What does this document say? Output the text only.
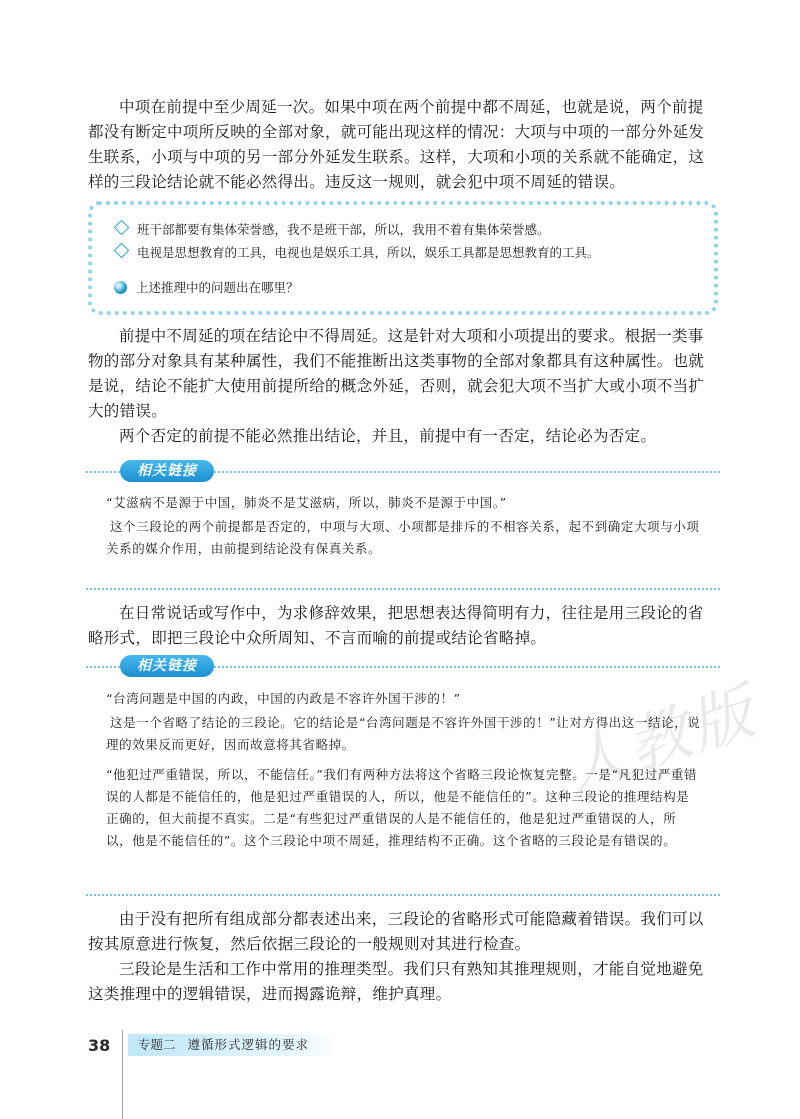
人教版

中项在前提中至少周延一次。如果中项在两个前提中都不周延，也就是说，两个前提都没有断定中项所反映的全部对象，就可能出现这样的情况：大项与中项的一部分外延发生联系，小项与中项的另一部分外延发生联系。这样，大项和小项的关系就不能确定，这样的三段论结论就不能必然得出。违反这一规则，就会犯中项不周延的错误。

班干部都要有集体荣誉感，我不是班干部，所以，我用不着有集体荣誉感。
电视是思想教育的工具，电视也是娱乐工具，所以，娱乐工具都是思想教育的工具。
上述推理中的问题出在哪里？

前提中不周延的项在结论中不得周延。这是针对大项和小项提出的要求。根据一类事物的部分对象具有某种属性，我们不能推断出这类事物的全部对象都具有这种属性。也就是说，结论不能扩大使用前提所给的概念外延，否则，就会犯大项不当扩大或小项不当扩大的错误。

两个否定的前提不能必然推出结论，并且，前提中有一否定，结论必为否定。

相关链接

“艾滋病不是源于中国，肺炎不是艾滋病，所以，肺炎不是源于中国。”

这个三段论的两个前提都是否定的，中项与大项、小项都是排斥的不相容关系，起不到确定大项与小项关系的媒介作用，由前提到结论没有保真关系。

在日常说话或写作中，为求修辞效果，把思想表达得简明有力，往往是用三段论的省略形式，即把三段论中众所周知、不言而喻的前提或结论省略掉。

相关链接

“台湾问题是中国的内政，中国的内政是不容许外国干涉的！”

这是一个省略了结论的三段论。它的结论是“台湾问题是不容许外国干涉的！”让对方得出这一结论，说理的效果反而更好，因而故意将其省略掉。

“他犯过严重错误，所以，不能信任。”我们有两种方法将这个省略三段论恢复完整。一是“凡犯过严重错误的人都是不能信任的，他是犯过严重错误的人，所以，他是不能信任的”。这种三段论的推理结构是正确的，但大前提不真实。二是“有些犯过严重错误的人是不能信任的，他是犯过严重错误的人，所以，他是不能信任的”。这个三段论中项不周延，推理结构不正确。这个省略的三段论是有错误的。

由于没有把所有组成部分都表述出来，三段论的省略形式可能隐藏着错误。我们可以按其原意进行恢复，然后依据三段论的一般规则对其进行检查。

三段论是生活和工作中常用的推理类型。我们只有熟知其推理规则，才能自觉地避免这类推理中的逻辑错误，进而揭露诡辩，维护真理。

38	专题二 遵循形式逻辑的要求
